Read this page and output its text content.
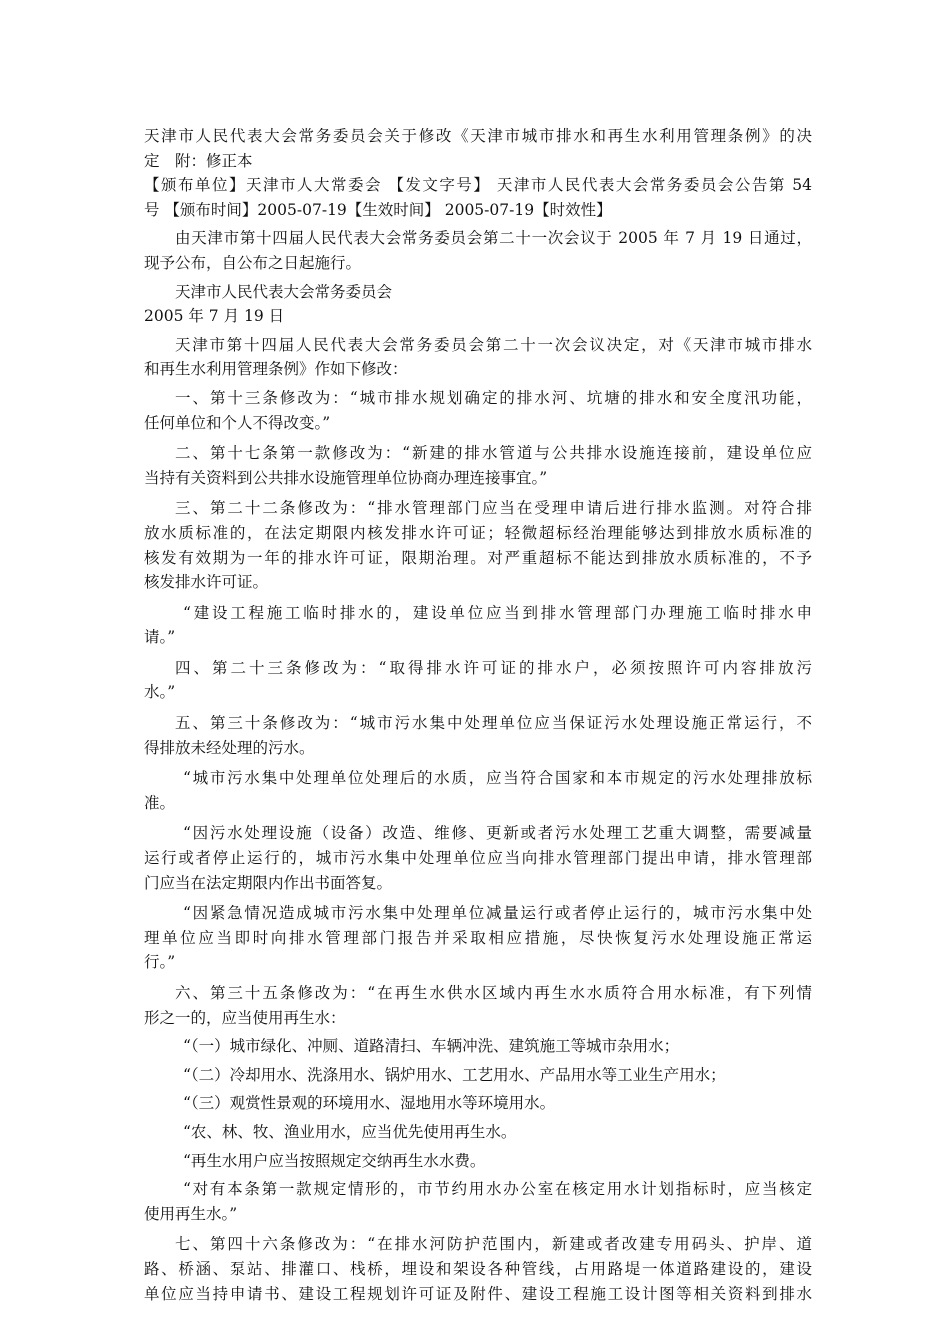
天津市人民代表大会常务委员会关于修改《天津市城市排水和再生水利用管理条例》的决
定　附：修正本
【颁布单位】天津市人大常委会 【发文字号】 天津市人民代表大会常务委员会公告第 54
号 【颁布时间】2005-07-19【生效时间】 2005-07-19【时效性】
由天津市第十四届人民代表大会常务委员会第二十一次会议于 2005 年 7 月 19 日通过，
现予公布，自公布之日起施行。
天津市人民代表大会常务委员会
2005 年 7 月 19 日
天津市第十四届人民代表大会常务委员会第二十一次会议决定，对《天津市城市排水
和再生水利用管理条例》作如下修改：
一、第十三条修改为：“城市排水规划确定的排水河、坑塘的排水和安全度汛功能，
任何单位和个人不得改变。”
二、第十七条第一款修改为：“新建的排水管道与公共排水设施连接前，建设单位应
当持有关资料到公共排水设施管理单位协商办理连接事宜。”
三、第二十二条修改为：“排水管理部门应当在受理申请后进行排水监测。对符合排
放水质标准的，在法定期限内核发排水许可证；轻微超标经治理能够达到排放水质标准的
核发有效期为一年的排水许可证，限期治理。对严重超标不能达到排放水质标准的，不予
核发排水许可证。
“建设工程施工临时排水的，建设单位应当到排水管理部门办理施工临时排水申
请。”
四、第二十三条修改为：“取得排水许可证的排水户，必须按照许可内容排放污
水。”
五、第三十条修改为：“城市污水集中处理单位应当保证污水处理设施正常运行，不
得排放未经处理的污水。
“城市污水集中处理单位处理后的水质，应当符合国家和本市规定的污水处理排放标
准。
“因污水处理设施（设备）改造、维修、更新或者污水处理工艺重大调整，需要减量
运行或者停止运行的，城市污水集中处理单位应当向排水管理部门提出申请，排水管理部
门应当在法定期限内作出书面答复。
“因紧急情况造成城市污水集中处理单位减量运行或者停止运行的，城市污水集中处
理单位应当即时向排水管理部门报告并采取相应措施，尽快恢复污水处理设施正常运
行。”
六、第三十五条修改为：“在再生水供水区域内再生水水质符合用水标准，有下列情
形之一的，应当使用再生水：
“（一）城市绿化、冲厕、道路清扫、车辆冲洗、建筑施工等城市杂用水；
“（二）冷却用水、洗涤用水、锅炉用水、工艺用水、产品用水等工业生产用水；
“（三）观赏性景观的环境用水、湿地用水等环境用水。
“农、林、牧、渔业用水，应当优先使用再生水。
“再生水用户应当按照规定交纳再生水水费。
“对有本条第一款规定情形的，市节约用水办公室在核定用水计划指标时，应当核定
使用再生水。”
七、第四十六条修改为：“在排水河防护范围内，新建或者改建专用码头、护岸、道
路、桥涵、泵站、排灌口、栈桥，埋设和架设各种管线，占用路堤一体道路建设的，建设
单位应当持申请书、建设工程规划许可证及附件、建设工程施工设计图等相关资料到排水
